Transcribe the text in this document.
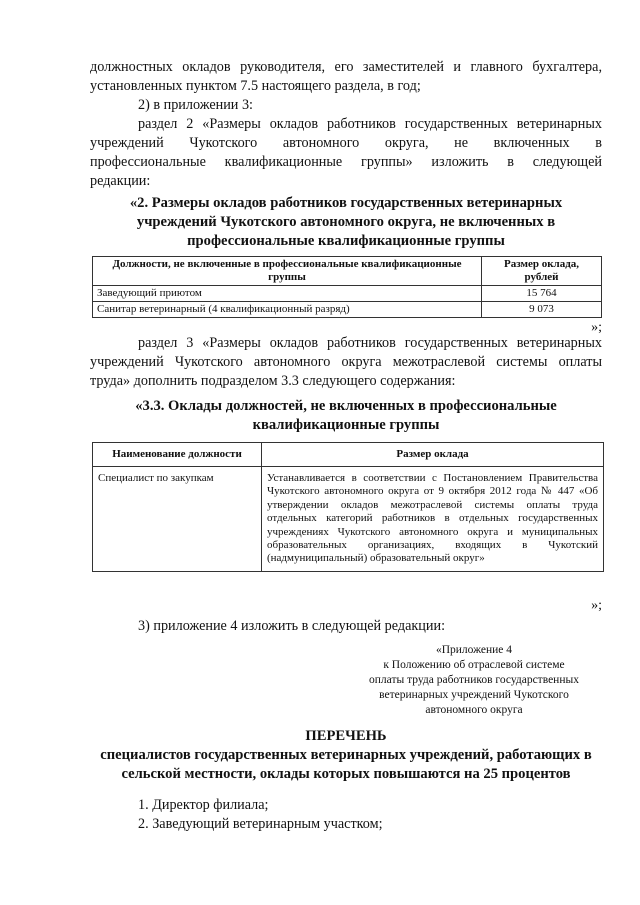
должностных окладов руководителя, его заместителей и главного бухгалтера,

установленных пунктом 7.5 настоящего раздела, в год;

2) в приложении 3:

раздел 2 «Размеры окладов работников государственных ветеринарных

учреждений Чукотского автономного округа, не включенных в

профессиональные квалификационные группы» изложить в следующей

редакции:

«2. Размеры окладов работников государственных ветеринарных учреждений Чукотского автономного округа, не включенных в профессиональные квалификационные группы

Должности, не включенные в профессиональные квалификационные группы	Размер оклада, рублей
Заведующий приютом	15 764
Санитар ветеринарный (4 квалификационный разряд)	9 073
»;

раздел 3 «Размеры окладов работников государственных ветеринарных

учреждений Чукотского автономного округа межотраслевой системы оплаты

труда» дополнить подразделом 3.3 следующего содержания:

«3.3. Оклады должностей, не включенных в профессиональные квалификационные группы

Наименование должности	Размер оклада
Специалист по закупкам	Устанавливается в соответствии с Постановлением Правительства Чукотского автономного округа от 9 октября 2012 года № 447 «Об утверждении окладов межотраслевой системы оплаты труда отдельных категорий работников в отдельных государственных учреждениях Чукотского автономного округа и муниципальных образовательных организациях, входящих в Чукотский (надмуниципальный) образовательный округ»
»;

3) приложение 4 изложить в следующей редакции:

«Приложение 4

к Положению об отраслевой системе

оплаты труда работников государственных

ветеринарных учреждений Чукотского

автономного округа

ПЕРЕЧЕНЬ

специалистов государственных ветеринарных учреждений, работающих в сельской местности, оклады которых повышаются на 25 процентов

1. Директор филиала;

2. Заведующий ветеринарным участком;
